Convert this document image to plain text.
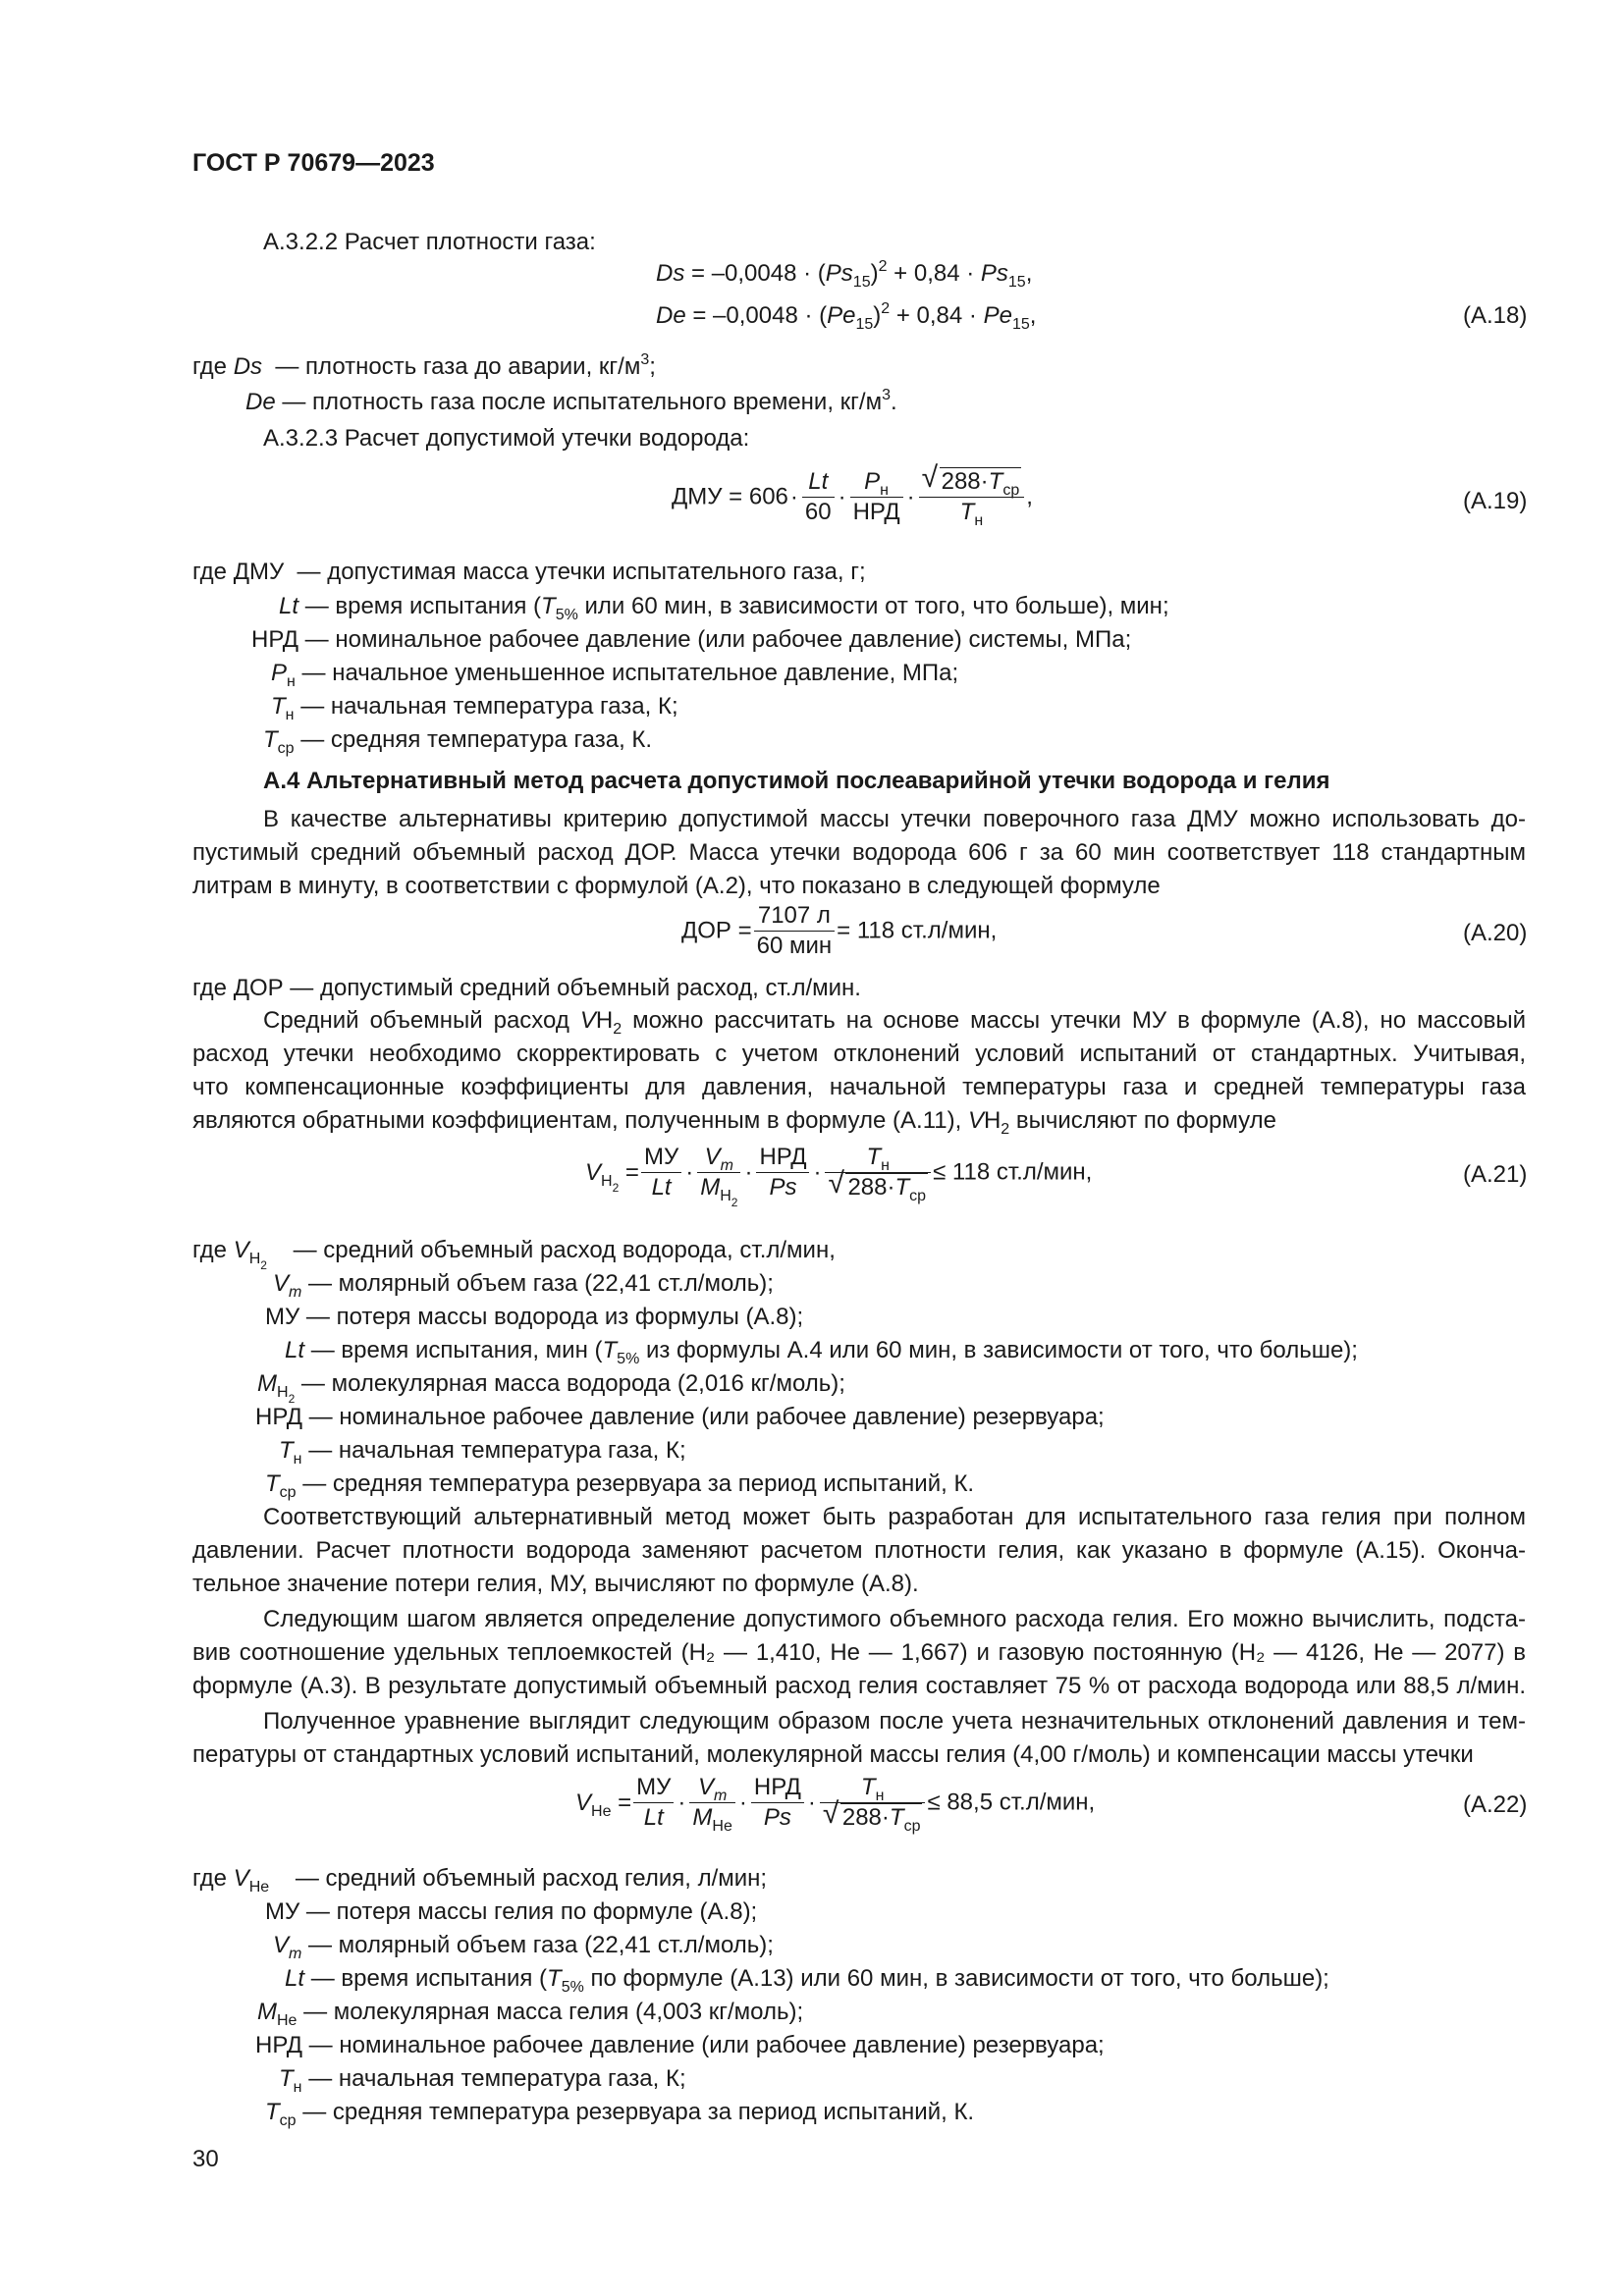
ГОСТ Р 70679—2023
А.3.2.2 Расчет плотности газа:
$Ds = -0,0048 \cdot (Ps_{15})^2 + 0,84 \cdot Ps_{15}$,
$De = -0,0048 \cdot (Pe_{15})^2 + 0,84 \cdot Pe_{15}$,	(А.18)
где Ds — плотность газа до аварии, $кг/м^3$;
De — плотность газа после испытательного времени, $кг/м^3$.
А.3.2.3 Расчет допустимой утечки водорода:
ДМУ = $606\cdot \frac{Lt}{60} \cdot \frac{P_н}{\text{НРД}} \cdot \frac{√ 288\cdot T_{ср}}{T_н}$ ,	(А.19)
где ДМУ — допустимая масса утечки испытательного газа, г;
Lt — время испытания ($T_{5\%}$ или 60 мин, в зависимости от того, что больше), мин;
НРД — номинальное рабочее давление (или рабочее давление) системы, МПа;
$P_н$ — начальное уменьшенное испытательное давление, МПа;
$T_н$ — начальная температура газа, К;
$T_{ср}$ — средняя температура газа, К.
А.4 Альтернативный метод расчета допустимой послеаварийной утечки водорода и гелия
В качестве альтернативы критерию допустимой массы утечки поверочного газа ДМУ можно использовать до-
пустимый средний объемный расход ДОР. Масса утечки водорода 606 г за 60 мин соответствует 118 стандартным
литрам в минуту, в соответствии с формулой (А.2), что показано в следующей формуле
ДОР = $\frac{7107 л}{\text{60 мин}} = 118$ ст.л/мин,	(А.20)
где ДОР — допустимый средний объемный расход, ст.л/мин.
Средний объемный расход $VH_2$ можно рассчитать на основе массы утечки МУ в формуле (А.8), но массовый
расход утечки необходимо скорректировать с учетом отклонений условий испытаний от стандартных. Учитывая,
что компенсационные коэффициенты для давления, начальной температуры газа и средней температуры газа
являются обратными коэффициентам, полученным в формуле (А.11), $VH_2$ вычисляют по формуле
$V_{H_2} = \frac{МУ}{Lt} \cdot \frac{V_m}{M_{H_2}} \cdot \frac{\text{НРД}}{Ps} \cdot \frac{T_н}{√ 288\cdot T_{ср}} \le 118$ ст.л/мин,	(А.21)
где $V_{H_2}$    — средний объемный расход водорода, ст.л/мин,
$V_m$ — молярный объем газа (22,41 ст.л/моль);
МУ — потеря массы водорода из формулы (А.8);
Lt — время испытания, мин ($T_{5\%}$ из формулы А.4 или 60 мин, в зависимости от того, что больше);
$M_{H_2}$ — молекулярная масса водорода (2,016 кг/моль);
НРД — номинальное рабочее давление (или рабочее давление) резервуара;
$T_н$ — начальная температура газа, К;
$T_{ср}$ — средняя температура резервуара за период испытаний, К.
Соответствующий альтернативный метод может быть разработан для испытательного газа гелия при полном
давлении. Расчет плотности водорода заменяют расчетом плотности гелия, как указано в формуле (А.15). Оконча-
тельное значение потери гелия, МУ, вычисляют по формуле (А.8).
Следующим шагом является определение допустимого объемного расхода гелия. Его можно вычислить, подста-
вив соотношение удельных теплоемкостей (H₂ — 1,410, He — 1,667) и газовую постоянную (H₂ — 4126, He — 2077) в
формуле (А.3). В результате допустимый объемный расход гелия составляет 75 % от расхода водорода или 88,5 л/мин.
Полученное уравнение выглядит следующим образом после учета незначительных отклонений давления и тем-
пературы от стандартных условий испытаний, молекулярной массы гелия (4,00 г/моль) и компенсации массы утечки
$V_{He} = \frac{МУ}{Lt} \cdot \frac{V_m}{M_{He}} \cdot \frac{\text{НРД}}{Ps} \cdot \frac{T_н}{√ 288\cdot T_{ср}} \le 88,5$ ст.л/мин,	(А.22)
где $V_{He}$ — средний объемный расход гелия, л/мин;
МУ — потеря массы гелия по формуле (А.8);
$V_m$ — молярный объем газа (22,41 ст.л/моль);
Lt — время испытания ($T_{5\%}$ по формуле (А.13) или 60 мин, в зависимости от того, что больше);
$M_{He}$ — молекулярная масса гелия (4,003 кг/моль);
НРД — номинальное рабочее давление (или рабочее давление) резервуара;
$T_н$ — начальная температура газа, К;
$T_{ср}$ — средняя температура резервуара за период испытаний, К.
30
